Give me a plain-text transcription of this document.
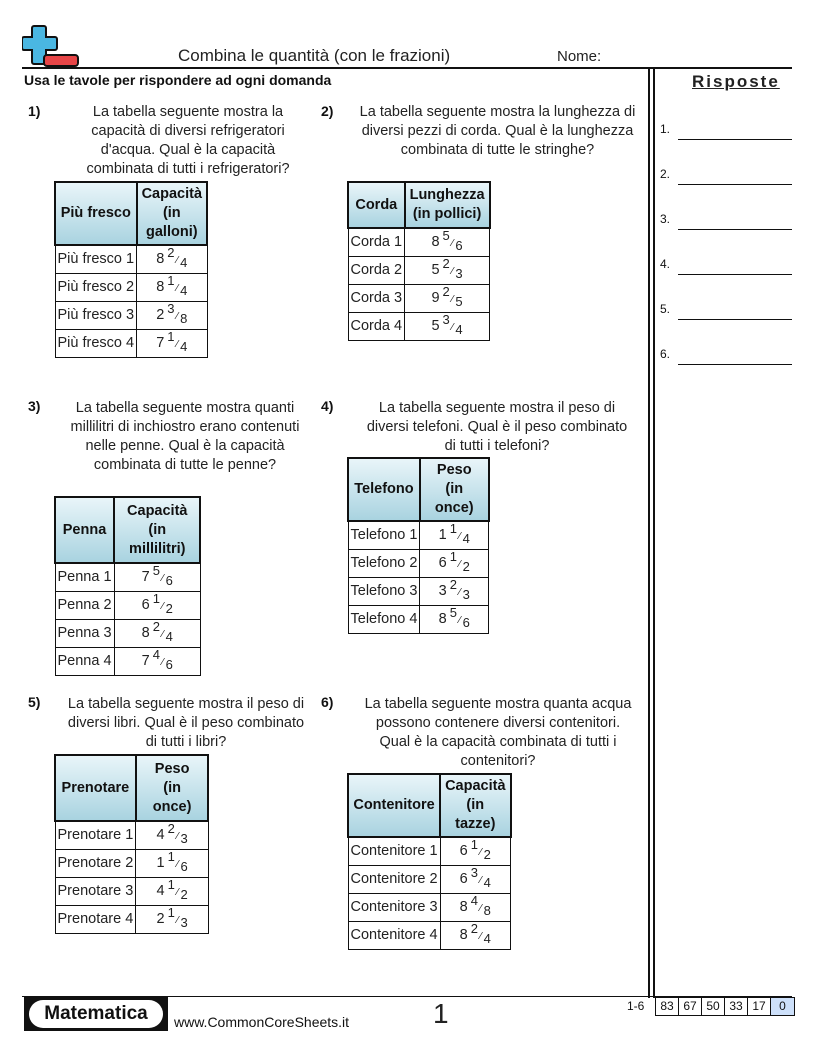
Combina le quantità (con le frazioni)	Nome:
Usa le tavole per rispondere ad ogni domanda	Risposte
1.
2.
3.
4.
5.
6.
1)	La tabella seguente mostra la capacità di diversi refrigeratori d'acqua. Qual è la capacità combinata di tutti i refrigeratori?
Più fresco	Capacità (in galloni)
Più fresco 1	8 2⁄ 4
Più fresco 2	8 1⁄ 4
Più fresco 3	2 3⁄ 8
Più fresco 4	7 1⁄ 4
2)	La tabella seguente mostra la lunghezza di diversi pezzi di corda. Qual è la lunghezza combinata di tutte le stringhe?
Corda	Lunghezza (in pollici)
Corda 1	8 5⁄ 6
Corda 2	5 2⁄ 3
Corda 3	9 2⁄ 5
Corda 4	5 3⁄ 4
3)	La tabella seguente mostra quanti millilitri di inchiostro erano contenuti nelle penne. Qual è la capacità combinata di tutte le penne?
Penna	Capacità (in millilitri)
Penna 1	7 5⁄ 6
Penna 2	6 1⁄ 2
Penna 3	8 2⁄ 4
Penna 4	7 4⁄ 6
4)	La tabella seguente mostra il peso di diversi telefoni. Qual è il peso combinato di tutti i telefoni?
Telefono	Peso (in once)
Telefono 1	1 1⁄ 4
Telefono 2	6 1⁄ 2
Telefono 3	3 2⁄ 3
Telefono 4	8 5⁄ 6
5) La tabella seguente mostra il peso di diversi libri. Qual è il peso combinato di tutti i libri?
Prenotare	Peso (in once)
Prenotare 1	4 2⁄ 3
Prenotare 2	1 1⁄ 6
Prenotare 3	4 1⁄ 2
Prenotare 4	2 1⁄ 3
6) La tabella seguente mostra quanta acqua possono contenere diversi contenitori. Qual è la capacità combinata di tutti i contenitori?
Contenitore	Capacità (in tazze)
Contenitore 1	6 1⁄ 2
Contenitore 2	6 3⁄ 4
Contenitore 3	8 4⁄ 8
Contenitore 4	8 2⁄ 4
Matematica	www.CommonCoreSheets.it	1	1-6	83 67 50 33 17	0
